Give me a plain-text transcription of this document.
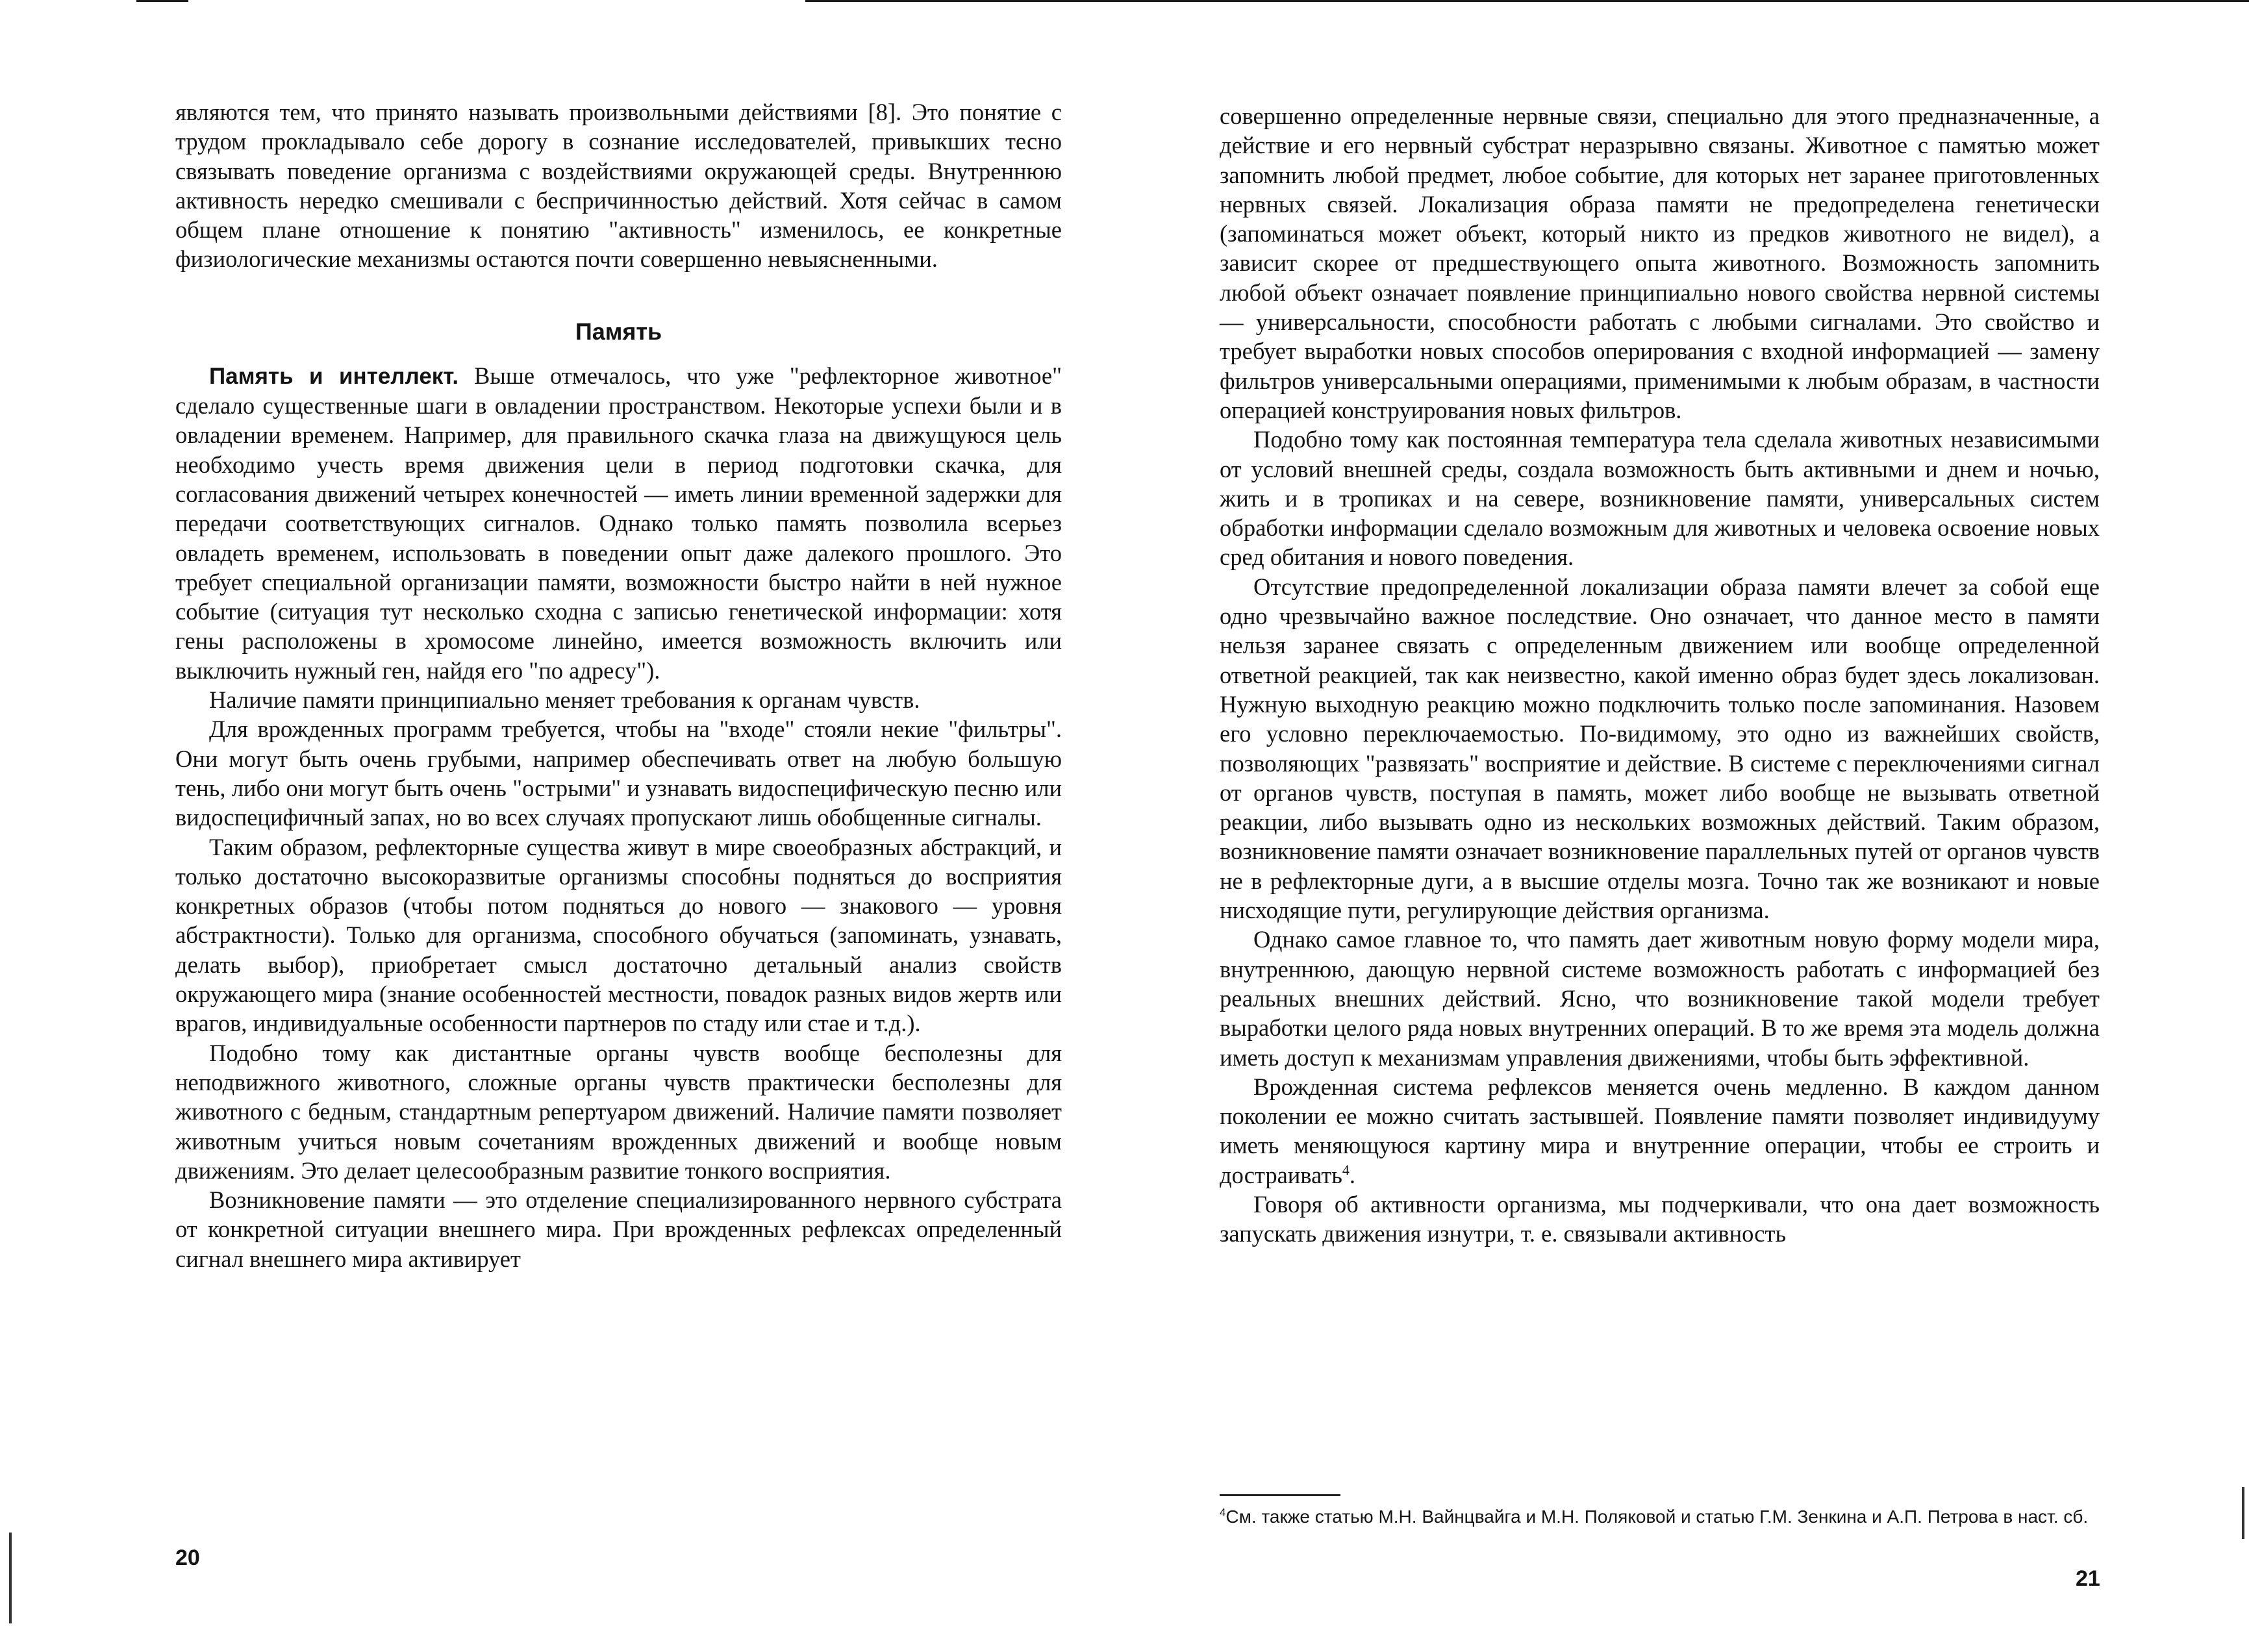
являются тем, что принято называть произвольными действиями [8]. Это понятие с трудом прокладывало себе дорогу в сознание исследователей, привыкших тесно связывать поведение организма с воздействиями окружающей среды. Внутреннюю активность нередко смешивали с беспричинностью действий. Хотя сейчас в самом общем плане отношение к понятию "активность" изменилось, ее конкретные физиологические механизмы остаются почти совершенно невыясненными.

Память

Память и интеллект. Выше отмечалось, что уже "рефлекторное животное" сделало существенные шаги в овладении пространством. Некоторые успехи были и в овладении временем. Например, для правильного скачка глаза на движущуюся цель необходимо учесть время движения цели в период подготовки скачка, для согласования движений четырех конечностей — иметь линии временной задержки для передачи соответствующих сигналов. Однако только память позволила всерьез овладеть временем, использовать в поведении опыт даже далекого прошлого. Это требует специальной организации памяти, возможности быстро найти в ней нужное событие (ситуация тут несколько сходна с записью генетической информации: хотя гены расположены в хромосоме линейно, имеется возможность включить или выключить нужный ген, найдя его "по адресу").

Наличие памяти принципиально меняет требования к органам чувств.

Для врожденных программ требуется, чтобы на "входе" стояли некие "фильтры". Они могут быть очень грубыми, например обеспечивать ответ на любую большую тень, либо они могут быть очень "острыми" и узнавать видоспецифическую песню или видоспецифичный запах, но во всех случаях пропускают лишь обобщенные сигналы.

Таким образом, рефлекторные существа живут в мире своеобразных абстракций, и только достаточно высокоразвитые организмы способны подняться до восприятия конкретных образов (чтобы потом подняться до нового — знакового — уровня абстрактности). Только для организма, способного обучаться (запоминать, узнавать, делать выбор), приобретает смысл достаточно детальный анализ свойств окружающего мира (знание особенностей местности, повадок разных видов жертв или врагов, индивидуальные особенности партнеров по стаду или стае и т.д.).

Подобно тому как дистантные органы чувств вообще бесполезны для неподвижного животного, сложные органы чувств практически бесполезны для животного с бедным, стандартным репертуаром движений. Наличие памяти позволяет животным учиться новым сочетаниям врожденных движений и вообще новым движениям. Это делает целесообразным развитие тонкого восприятия.

Возникновение памяти — это отделение специализированного нервного субстрата от конкретной ситуации внешнего мира. При врожденных рефлексах определенный сигнал внешнего мира активирует

20

совершенно определенные нервные связи, специально для этого предназначенные, а действие и его нервный субстрат неразрывно связаны. Животное с памятью может запомнить любой предмет, любое событие, для которых нет заранее приготовленных нервных связей. Локализация образа памяти не предопределена генетически (запоминаться может объект, который никто из предков животного не видел), а зависит скорее от предшествующего опыта животного. Возможность запомнить любой объект означает появление принципиально нового свойства нервной системы — универсальности, способности работать с любыми сигналами. Это свойство и требует выработки новых способов оперирования с входной информацией — замену фильтров универсальными операциями, применимыми к любым образам, в частности операцией конструирования новых фильтров.

Подобно тому как постоянная температура тела сделала животных независимыми от условий внешней среды, создала возможность быть активными и днем и ночью, жить и в тропиках и на севере, возникновение памяти, универсальных систем обработки информации сделало возможным для животных и человека освоение новых сред обитания и нового поведения.

Отсутствие предопределенной локализации образа памяти влечет за собой еще одно чрезвычайно важное последствие. Оно означает, что данное место в памяти нельзя заранее связать с определенным движением или вообще определенной ответной реакцией, так как неизвестно, какой именно образ будет здесь локализован. Нужную выходную реакцию можно подключить только после запоминания. Назовем его условно переключаемостью. По-видимому, это одно из важнейших свойств, позволяющих "развязать" восприятие и действие. В системе с переключениями сигнал от органов чувств, поступая в память, может либо вообще не вызывать ответной реакции, либо вызывать одно из нескольких возможных действий. Таким образом, возникновение памяти означает возникновение параллельных путей от органов чувств не в рефлекторные дуги, а в высшие отделы мозга. Точно так же возникают и новые нисходящие пути, регулирующие действия организма.

Однако самое главное то, что память дает животным новую форму модели мира, внутреннюю, дающую нервной системе возможность работать с информацией без реальных внешних действий. Ясно, что возникновение такой модели требует выработки целого ряда новых внутренних операций. В то же время эта модель должна иметь доступ к механизмам управления движениями, чтобы быть эффективной.

Врожденная система рефлексов меняется очень медленно. В каждом данном поколении ее можно считать застывшей. Появление памяти позволяет индивидууму иметь меняющуюся картину мира и внутренние операции, чтобы ее строить и достраивать$^4$.

Говоря об активности организма, мы подчеркивали, что она дает возможность запускать движения изнутри, т. е. связывали активность

$^4$См. также статью М.Н. Вайнцвайга и М.Н. Поляковой и статью Г.М. Зенкина и А.П. Петрова в наст. сб.
21
